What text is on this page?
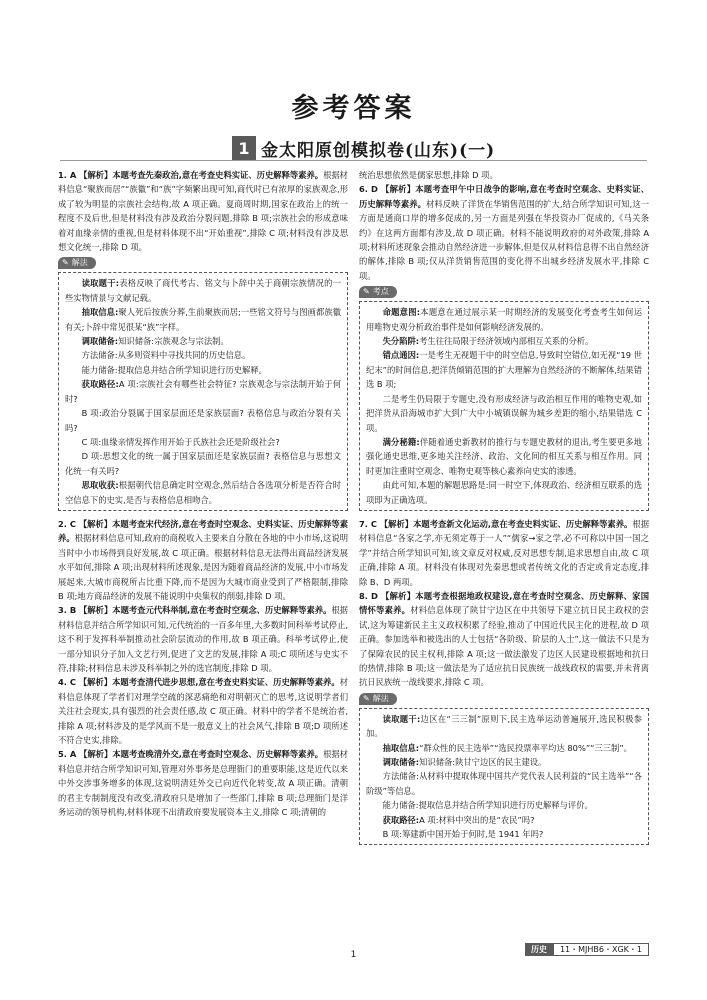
参考答案
1 金太阳原创模拟卷(山东)(一)
1. A 【解析】本题考查先秦政治,意在考查史料实证、历史解释等素养。根据材料信息“聚族而居”“族徽”和“族”字频繁出现可知,商代时已有浓厚的家族观念,形成了较为明显的宗族社会结构,故 A 项正确。夏商周时期,国家在政治上的统一程度不及后世,但是材料没有涉及政治分裂问题,排除 B 项;宗族社会的形成意味着对血缘亲情的重视,但是材料体现不出“开始重视”,排除 C 项;材料没有涉及思想文化统一,排除 D 项。
✎ 解法

读取题干:表格反映了商代考古、铭文与卜辞中关于商朝宗族情况的一些实物情景与文献记载。

抽取信息:聚人死后按族分葬,生前聚族而居;一些铭文符号与图画都族徽有关;卜辞中常见很某“族”字样。

调取储备:知识储备:宗族观念与宗法制。

方法储备:从多则资料中寻找共同的历史信息。

能力储备:提取信息并结合所学知识进行历史解释。

获取路径:A 项:宗族社会有哪些社会特征? 宗族观念与宗法制开始于何时?

B 项:政治分裂属于国家层面还是家族层面? 表格信息与政治分裂有关吗?

C 项:血缘亲情发挥作用开始于氏族社会还是阶级社会?

D 项:思想文化的统一属于国家层面还是家族层面? 表格信息与思想文化统一有关吗?

思取收获:根据朝代信息确定时空观念,然后结合各选项分析是否符合时空信息下的史实,是否与表格信息相吻合。

2. C 【解析】本题考查宋代经济,意在考查时空观念、史料实证、历史解释等素养。根据材料信息可知,政府的商税收入主要来自分散在各地的中小市场,这说明当时中小市场得到良好发展,故 C 项正确。根据材料信息无法得出商品经济发展水平如何,排除 A 项;出现材料所述现象,是因为随着商品经济的发展,中小市场发展起来,大城市商税所占比重下降,而不是因为大城市商业受到了严格限制,排除 B 项;地方商品经济的发展不能说明中央集权的削弱,排除 D 项。
3. B 【解析】本题考查元代科举制,意在考查时空观念、历史解释等素养。根据材料信息并结合所学知识可知,元代统治的一百多年里,大多数时间科举考试停止,这不利于发挥科举制推动社会阶层流动的作用,故 B 项正确。科举考试停止,使一部分知识分子加入文艺行列,促进了文艺的发展,排除 A 项;C 项所述与史实不符,排除;材料信息未涉及科举制之外的选官制度,排除 D 项。
4. C 【解析】本题考查清代进步思想,意在考查史料实证、历史解释等素养。材料信息体现了学者们对理学空疏的深恶痛绝和对明朝灭亡的思考,这说明学者们关注社会现实,具有强烈的社会责任感,故 C 项正确。材料中的学者不是统治者,排除 A 项;材料涉及的是学风而不是一般意义上的社会风气,排除 B 项;D 项所述不符合史实,排除。
5. A 【解析】本题考查晚清外交,意在考查时空观念、历史解释等素养。根据材料信息并结合所学知识可知,管理对外事务是总理衙门的重要职能,这是近代以来中外交涉事务增多的体现,这说明清廷外交已向近代化转变,故 A 项正确。清朝的君主专制制度没有改变,清政府只是增加了一些部门,排除 B 项;总理衙门是洋务运动的领导机构,材料体现不出清政府要发展资本主义,排除 C 项;清朝的
统治思想依然是儒家思想,排除 D 项。
6. D 【解析】本题考查甲午中日战争的影响,意在考查时空观念、史料实证、历史解释等素养。材料反映了洋货在华销售范围的扩大,结合所学知识可知,这一方面是通商口岸的增多促成的,另一方面是列强在华投资办厂促成的,《马关条约》在这两方面都有涉及,故 D 项正确。材料不能说明政府的对外政策,排除 A 项;材料所述现象会推动自然经济进一步解体,但是仅从材料信息得不出自然经济的解体,排除 B 项;仅从洋货销售范围的变化得不出城乡经济发展水平,排除 C 项。
✎ 考点

命题意图:本题意在通过展示某一时期经济的发展变化考查考生如何运用唯物史观分析政治事件是如何影响经济发展的。

失分陷阱:考生往往局限于经济领域内部相互关系的分析。

错点通因:一是考生无视题干中的时空信息,导致时空错位,如无视“19 世纪末”的时间信息,把洋货倾销范围的扩大理解为自然经济的不断解体,结果错选 B 项;

二是考生仍局限于专题史,没有形成经济与政治相互作用的唯物史观,如把洋货从沿海城市扩大到广大中小城镇误解为城乡差距的缩小,结果错选 C 项。

满分秘籍:伴随着通史新教材的推行与专题史教材的退出,考生要更多地强化通史思维,更多地关注经济、政治、文化间的相互关系与相互作用。同时更加注重时空观念、唯物史观等核心素养向史实的渗透。

由此可知,本题的解题思路是:同一时空下,体现政治、经济相互联系的选项即为正确选项。

7. C 【解析】本题考查新文化运动,意在考查史料实证、历史解释等素养。根据材料信息“各家之学,亦无须定尊于一人”“儒家→家之学,必不可称以中国一国之学”并结合所学知识可知,该文章反对权威,反对思想专制,追求思想自由,故 C 项正确,排除 A 项。材料没有体现对先秦思想或者传统文化的否定或肯定态度,排除 B、D 两项。
8. D 【解析】本题考查根据地政权建设,意在考查时空观念、历史解释、家国情怀等素养。材料信息体现了陕甘宁边区在中共领导下建立抗日民主政权的尝试,这为筹建新民主主义政权积累了经验,推动了中国近代民主化的进程,故 D 项正确。参加选举和被选出的人士包括“各阶级、阶层的人士”,这一做法不只是为了保障农民的民主权利,排除 A 项;这一做法激发了边区人民建设根据地和抗日的热情,排除 B 项;这一做法是为了适应抗日民族统一战线政权的需要,并未背离抗日民族统一战线要求,排除 C 项。
✎ 解法

读取题干:边区在“三三制”原则下,民主选举运动普遍展开,选民积极参加。

抽取信息:“群众性的民主选举”“选民投票率平均达 80%”“三三制”。

调取储备:知识储备:陕甘宁边区的民主建设。

方法储备:从材料中提取体现中国共产党代表人民利益的“民主选举”“各阶级”等信息。

能力储备:提取信息并结合所学知识进行历史解释与评价。

获取路径:A 项:材料中突出的是“农民”吗?

B 项:筹建新中国开始于何时,是 1941 年吗?

1
历史	11・MJHB6・XGK・1
